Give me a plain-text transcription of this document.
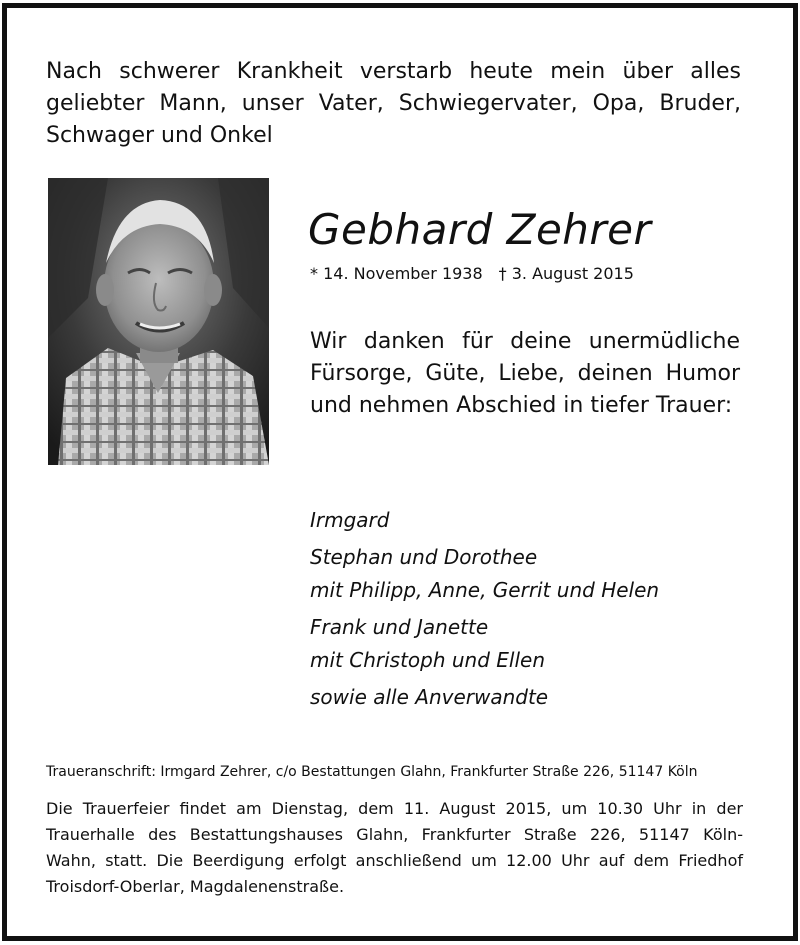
Nach schwerer Krankheit verstarb heute mein über alles
geliebter Mann, unser Vater, Schwiegervater, Opa, Bruder,
Schwager und Onkel
Gebhard Zehrer
* 14. November 1938 † 3. August 2015
Wir danken für deine unermüdliche
Fürsorge, Güte, Liebe, deinen Humor
und nehmen Abschied in tiefer Trauer:
Irmgard
Stephan und Dorothee
mit Philipp, Anne, Gerrit und Helen
Frank und Janette
mit Christoph und Ellen
sowie alle Anverwandte
Traueranschrift: Irmgard Zehrer, c/o Bestattungen Glahn, Frankfurter Straße 226, 51147 Köln
Die Trauerfeier findet am Dienstag, dem 11. August 2015, um 10.30 Uhr in der
Trauerhalle des Bestattungshauses Glahn, Frankfurter Straße 226, 51147 Köln-
Wahn, statt. Die Beerdigung erfolgt anschließend um 12.00 Uhr auf dem Friedhof
Troisdorf-Oberlar, Magdalenenstraße.
